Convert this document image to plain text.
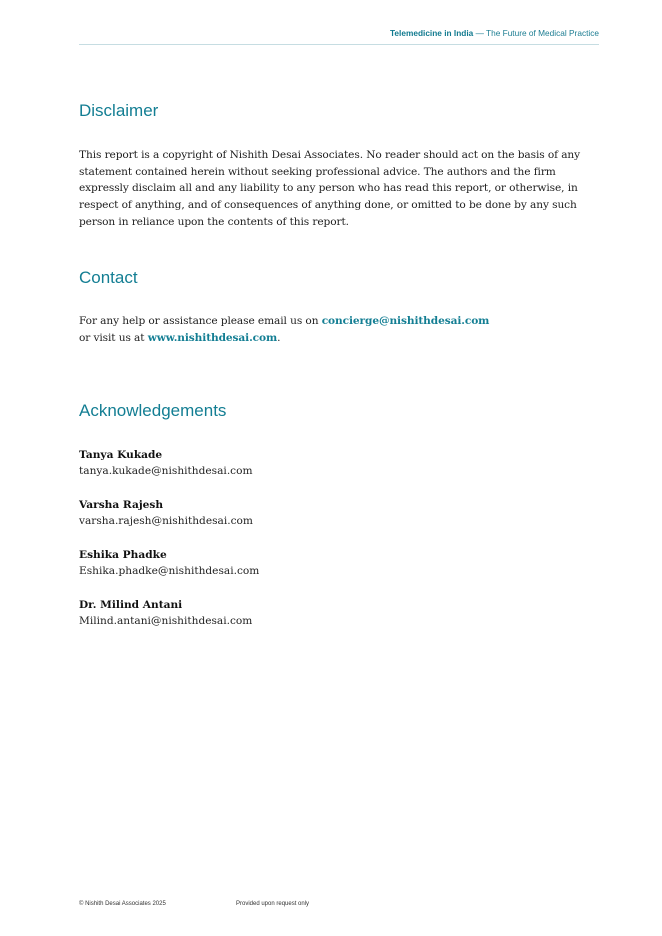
Telemedicine in India — The Future of Medical Practice
Disclaimer

This report is a copyright of Nishith Desai Associates. No reader should act on the basis of any statement contained herein without seeking professional advice. The authors and the firm expressly disclaim all and any liability to any person who has read this report, or otherwise, in respect of anything, and of consequences of anything done, or omitted to be done by any such person in reliance upon the contents of this report.

Contact

For any help or assistance please email us on concierge@nishithdesai.com
or visit us at www.nishithdesai.com.

Acknowledgements
Tanya Kukade
tanya.kukade@nishithdesai.com
Varsha Rajesh
varsha.rajesh@nishithdesai.com
Eshika Phadke
Eshika.phadke@nishithdesai.com
Dr. Milind Antani
Milind.antani@nishithdesai.com
© Nishith Desai Associates 2025	Provided upon request only
